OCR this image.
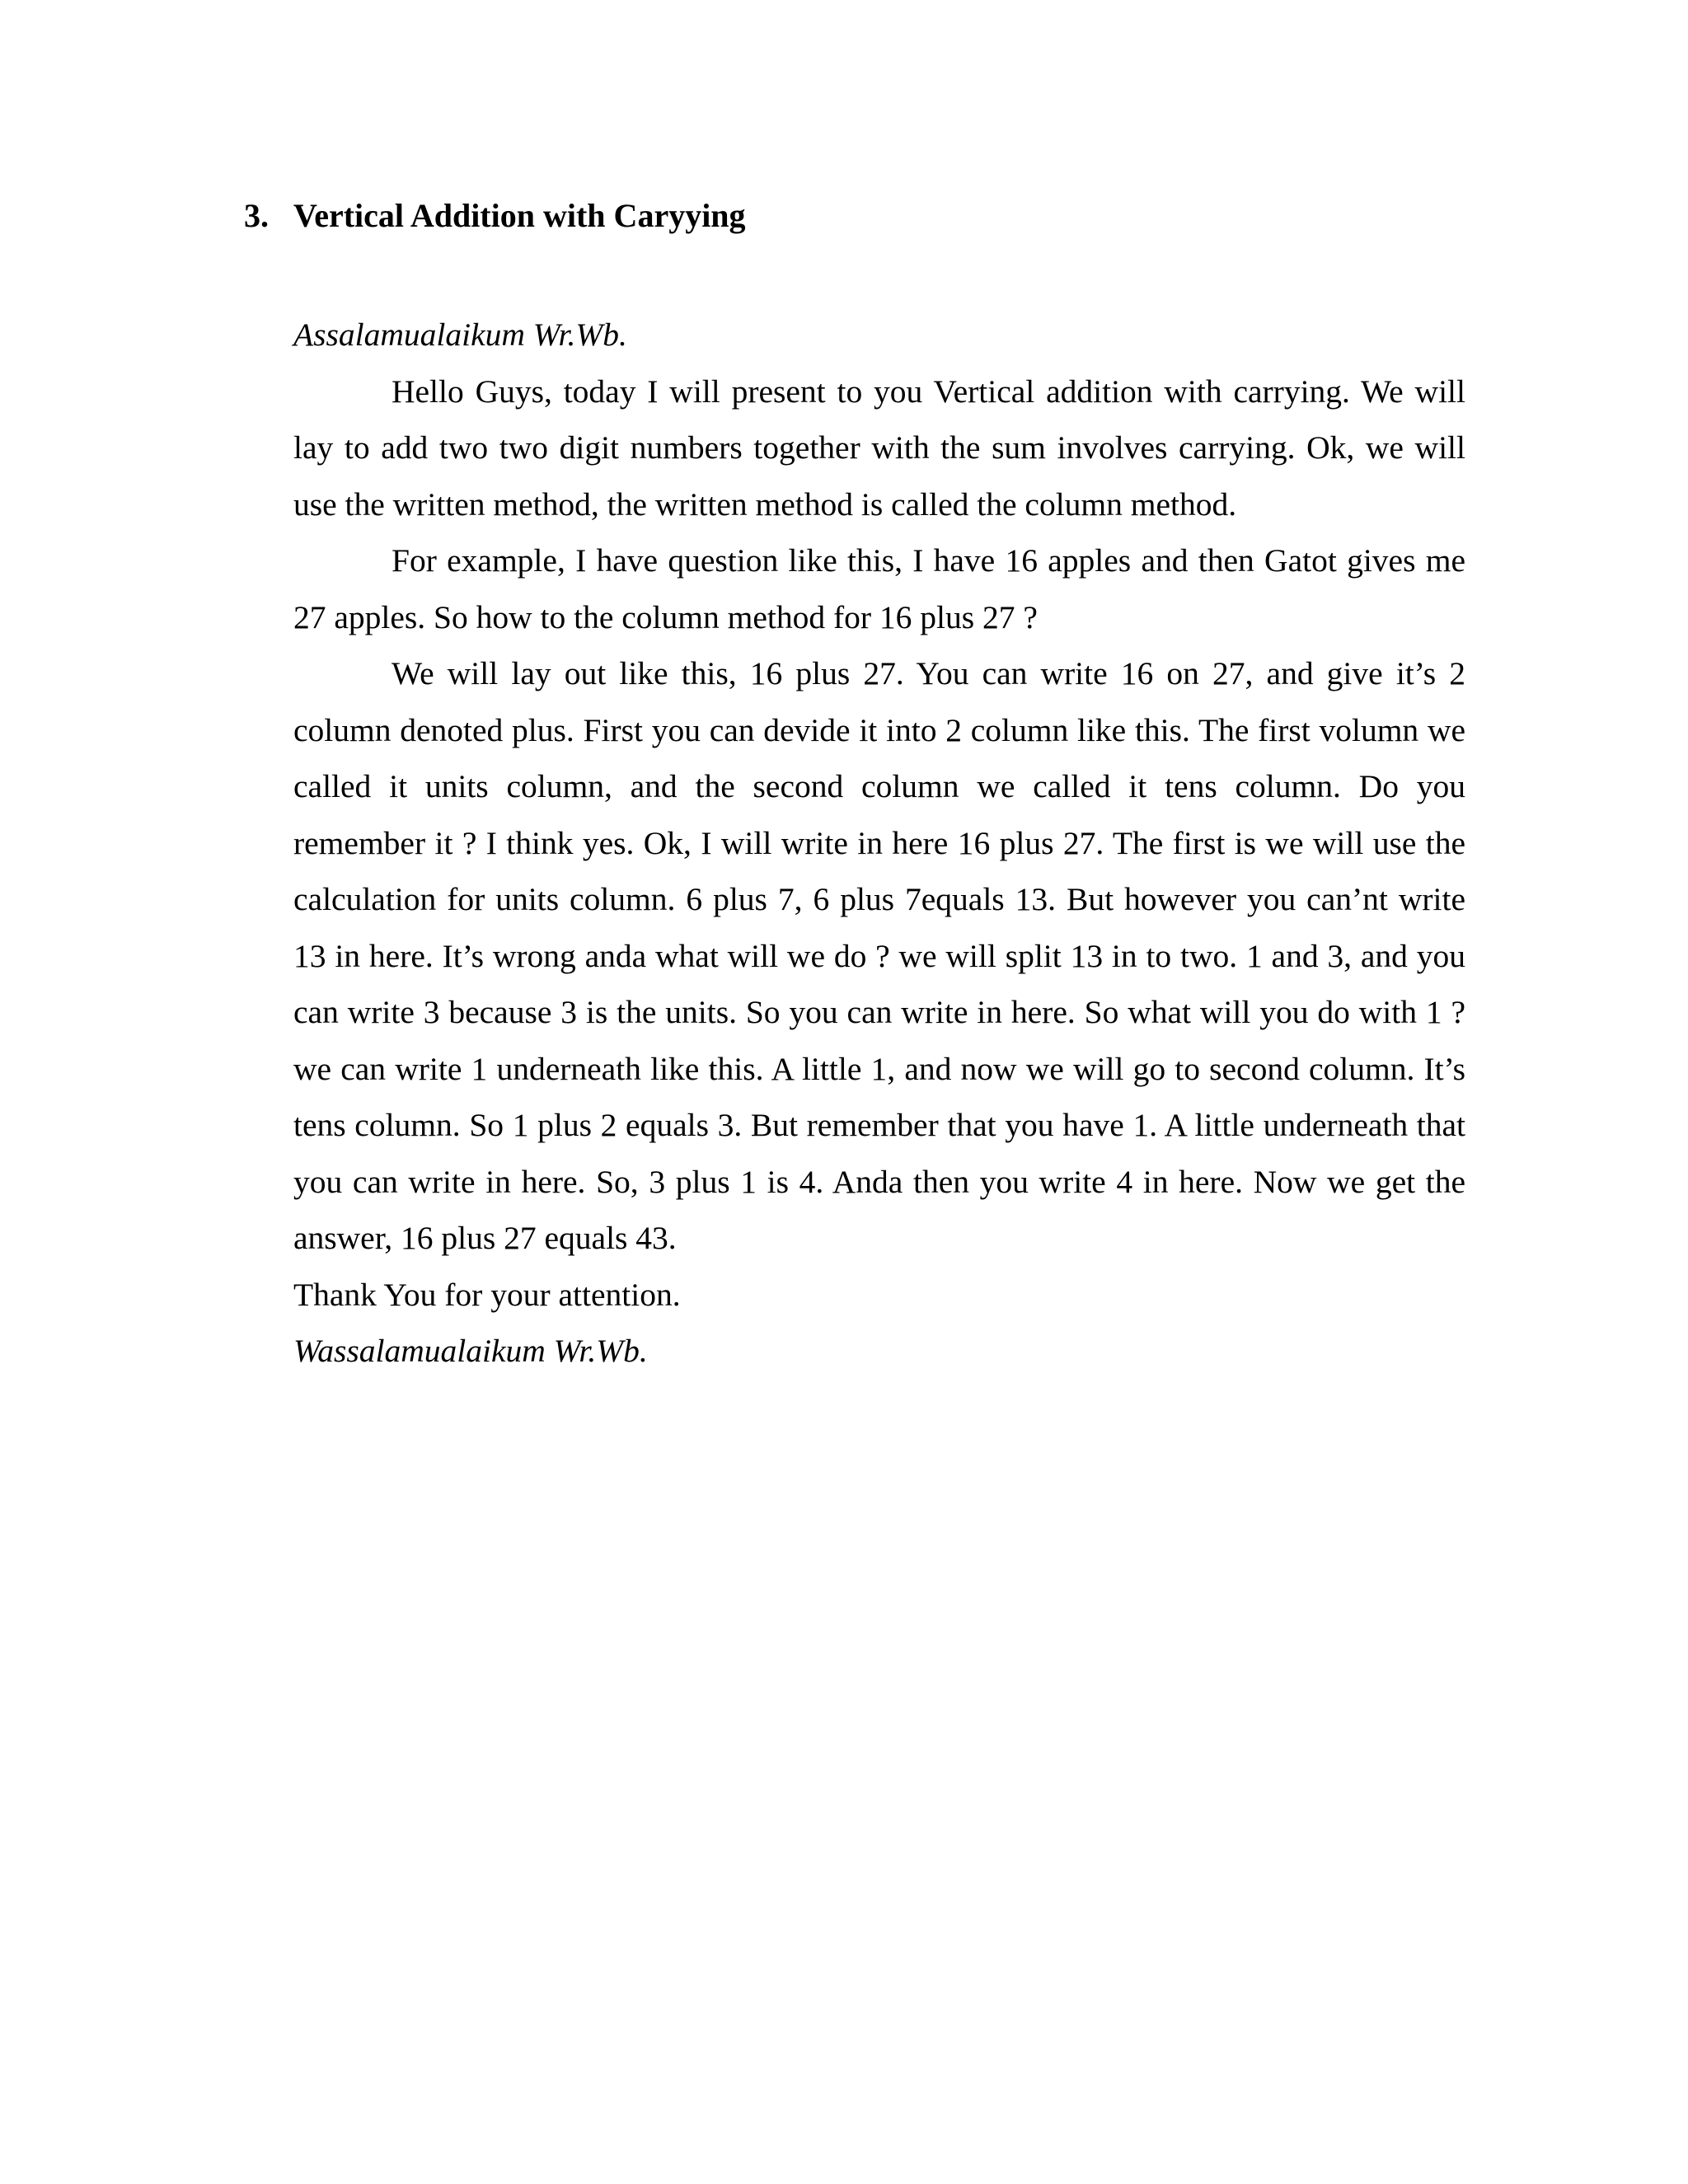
3. Vertical Addition with Caryying

Assalamualaikum Wr.Wb.

Hello Guys, today I will present to you Vertical addition with carrying. We will lay to add two two digit numbers together with the sum involves carrying. Ok, we will use the written method, the written method is called the column method.

For example, I have question like this, I have 16 apples and then Gatot gives me 27 apples. So how to the column method for 16 plus 27 ?

We will lay out like this, 16 plus 27. You can write 16 on 27, and give it’s 2 column denoted plus. First you can devide it into 2 column like this. The first volumn we called it units column, and the second column we called it tens column. Do you remember it ? I think yes. Ok, I will write in here 16 plus 27. The first is we will use the calculation for units column. 6 plus 7, 6 plus 7equals 13. But however you can’nt write 13 in here. It’s wrong anda what will we do ? we will split 13 in to two. 1 and 3, and you can write 3 because 3 is the units. So you can write in here. So what will you do with 1 ? we can write 1 underneath like this. A little 1, and now we will go to second column. It’s tens column. So 1 plus 2 equals 3. But remember that you have 1. A little underneath that you can write in here. So, 3 plus 1 is 4. Anda then you write 4 in here. Now we get the answer, 16 plus 27 equals 43.

Thank You for your attention.

Wassalamualaikum Wr.Wb.
